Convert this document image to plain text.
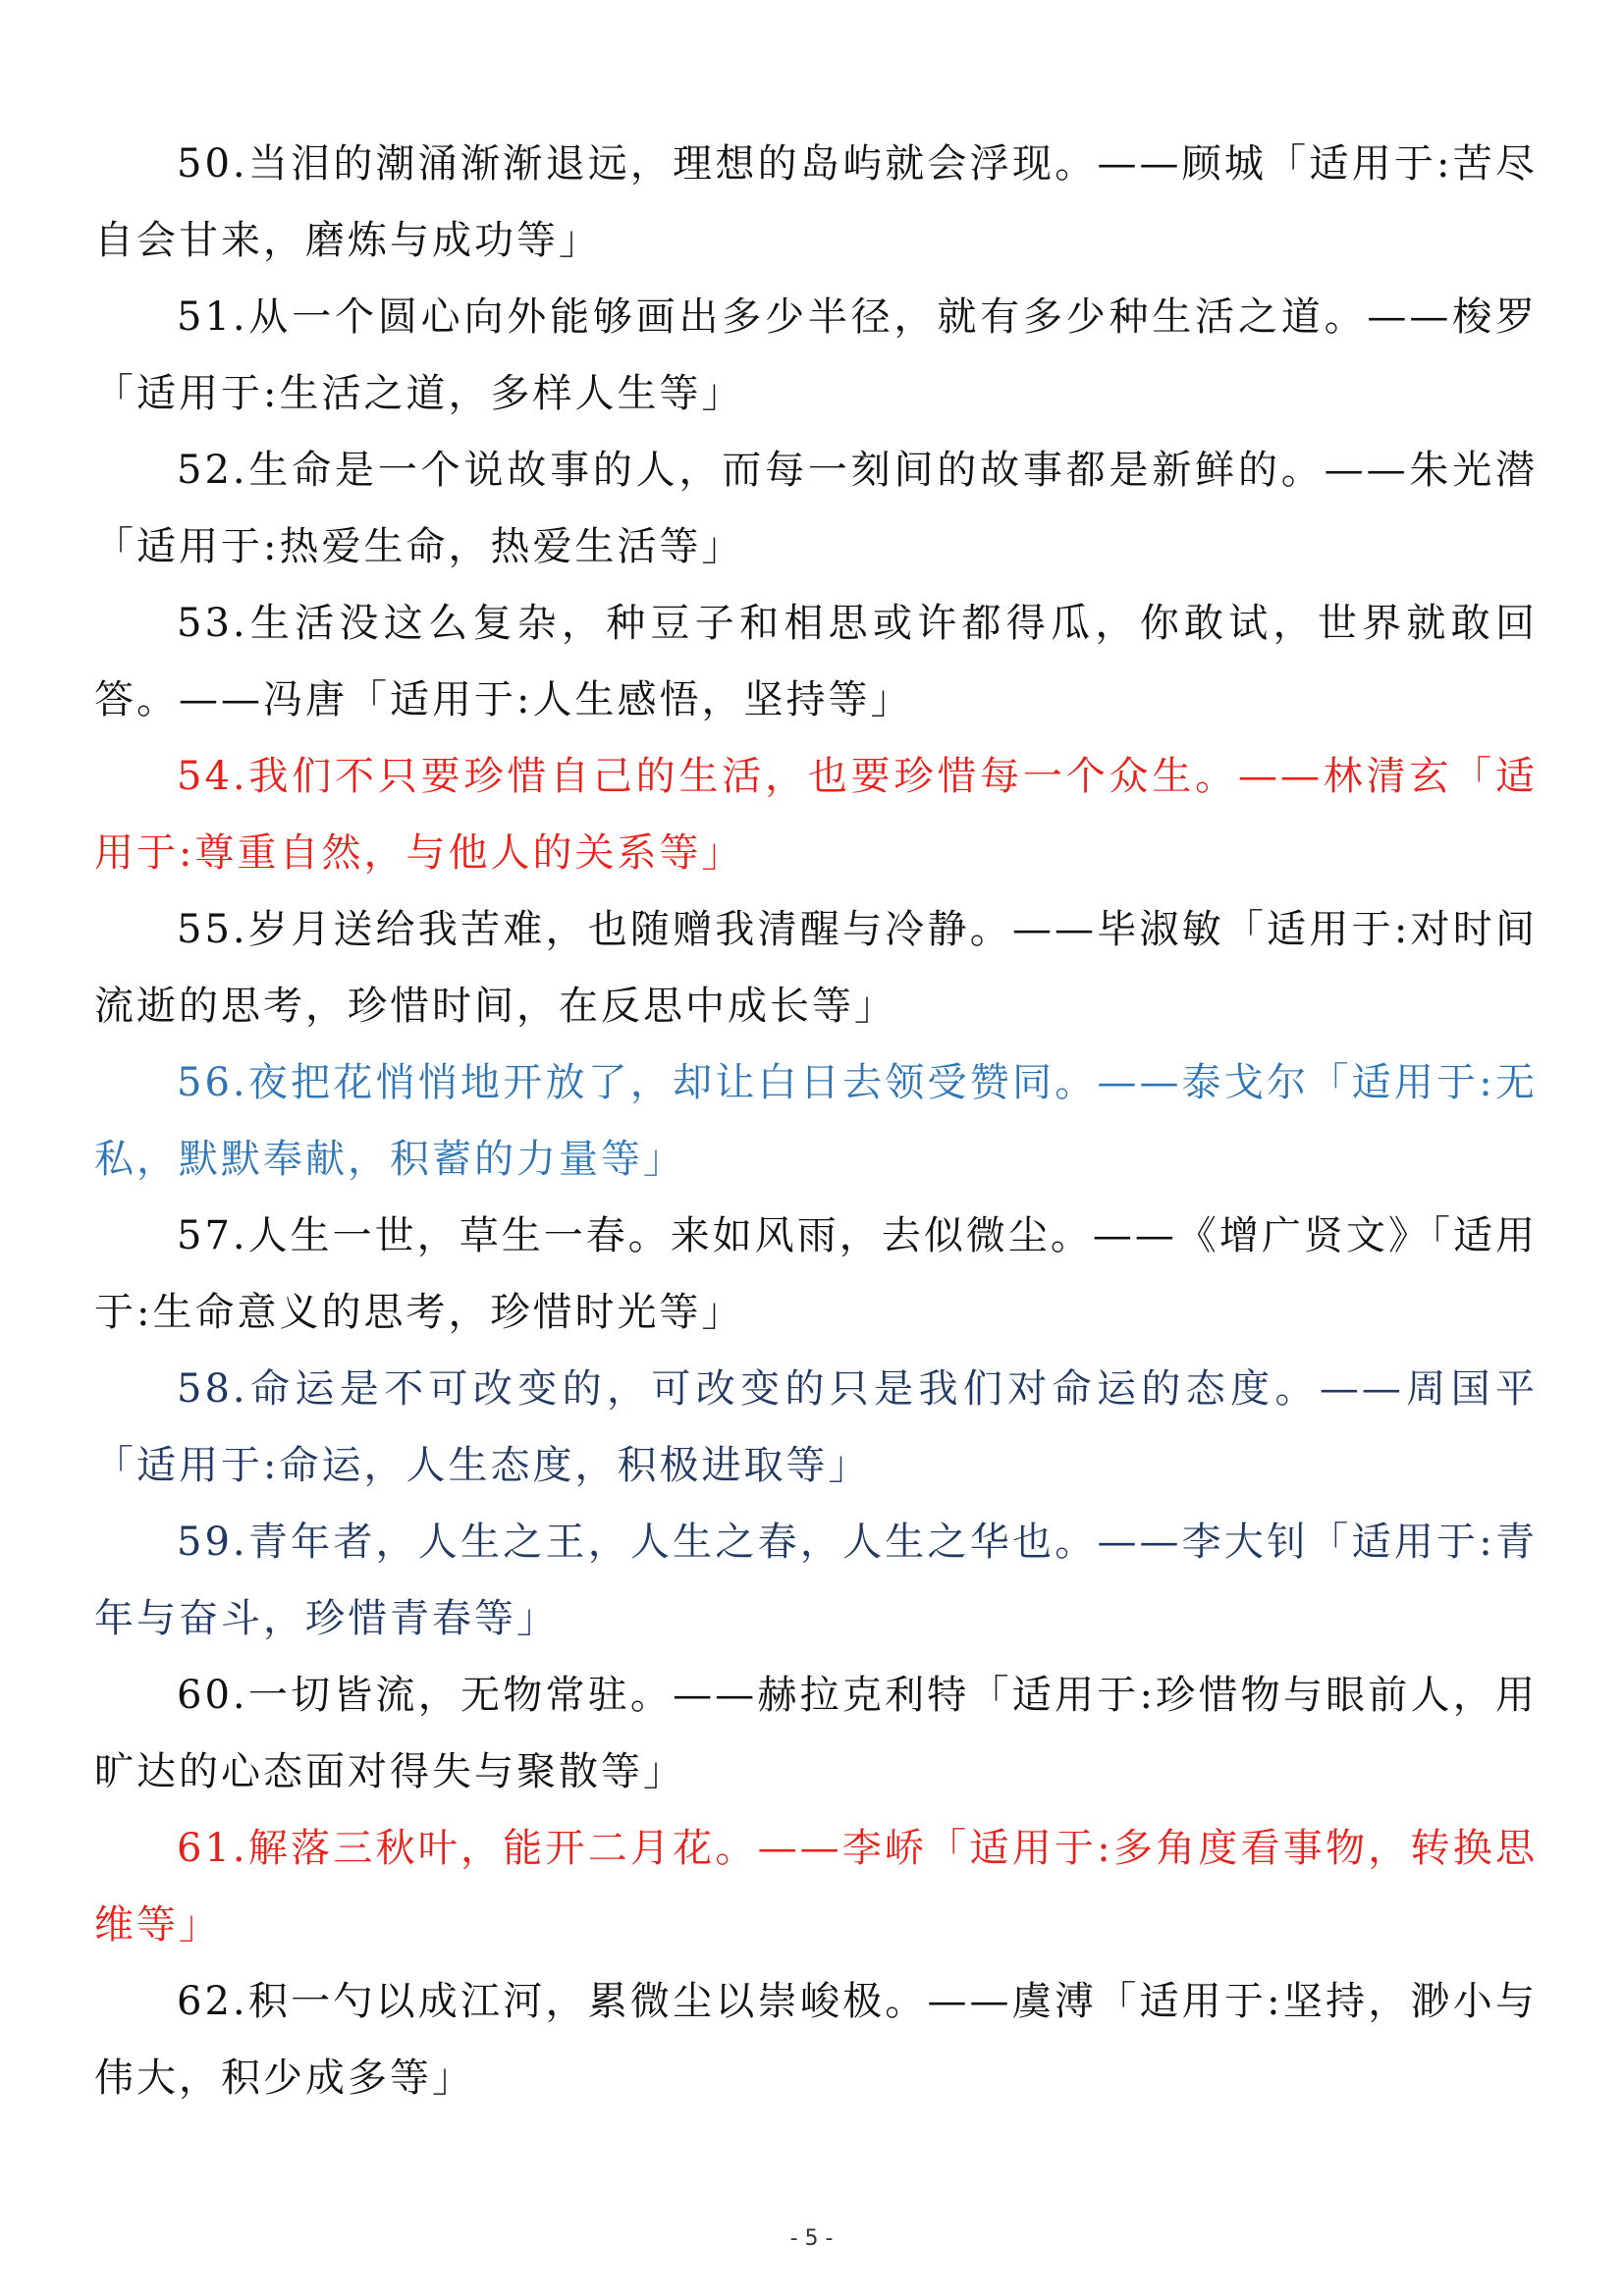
50.当泪的潮涌渐渐退远，理想的岛屿就会浮现。——顾城「适用于:苦尽自会甘来，磨炼与成功等」

51.从一个圆心向外能够画出多少半径，就有多少种生活之道。——梭罗「适用于:生活之道，多样人生等」

52.生命是一个说故事的人，而每一刻间的故事都是新鲜的。——朱光潜「适用于:热爱生命，热爱生活等」

53.生活没这么复杂，种豆子和相思或许都得瓜，你敢试，世界就敢回答。——冯唐「适用于:人生感悟，坚持等」

54.我们不只要珍惜自己的生活，也要珍惜每一个众生。——林清玄「适用于:尊重自然，与他人的关系等」

55.岁月送给我苦难，也随赠我清醒与冷静。——毕淑敏「适用于:对时间流逝的思考，珍惜时间，在反思中成长等」

56.夜把花悄悄地开放了，却让白日去领受赞同。——泰戈尔「适用于:无私，默默奉献，积蓄的力量等」

57.人生一世，草生一春。来如风雨，去似微尘。——《增广贤文》「适用于:生命意义的思考，珍惜时光等」

58.命运是不可改变的，可改变的只是我们对命运的态度。——周国平「适用于:命运，人生态度，积极进取等」

59.青年者，人生之王，人生之春，人生之华也。——李大钊「适用于:青年与奋斗，珍惜青春等」

60.一切皆流，无物常驻。——赫拉克利特「适用于:珍惜物与眼前人，用旷达的心态面对得失与聚散等」

61.解落三秋叶，能开二月花。——李峤「适用于:多角度看事物，转换思维等」

62.积一勺以成江河，累微尘以崇峻极。——虞溥「适用于:坚持，渺小与伟大，积少成多等」

- 5 -
